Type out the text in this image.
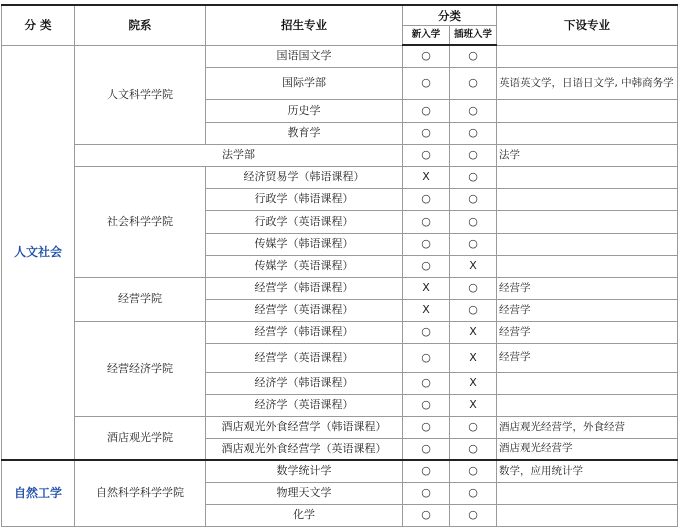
分 类	院系	招生专业	分类		下设专业
			新入学	插班入学	
人文社会	人文科学学院	国语国文学	○	○	
		国际学部	○	○	英语英文学，日语日文学, 中韩商务学
		历史学	○	○	
		教育学	○	○	
	法学部		○	○	法学
	社会科学学院	经济贸易学（韩语课程）	X	○	
		行政学（韩语课程）	○	○	
		行政学（英语课程）	○	○	
		传媒学（韩语课程）	○	○	
		传媒学（英语课程）	○	X	
	经营学院	经营学（韩语课程）	X	○	经营学
		经营学（英语课程）	X	○	经营学
	经营经济学院	经营学（韩语课程）	○	X	经营学
		经营学（英语课程）	○	X	经营学
		经济学（韩语课程）	○	X	
		经济学（英语课程）	○	X	
	酒店观光学院	酒店观光外食经营学（韩语课程）	○	○	酒店观光经营学，外食经营
		酒店观光外食经营学（英语课程）	○	○	酒店观光经营学
自然工学	自然科学科学学院	数学统计学	○	○	数学，应用统计学
		物理天文学	○	○	
		化学	○	○	
